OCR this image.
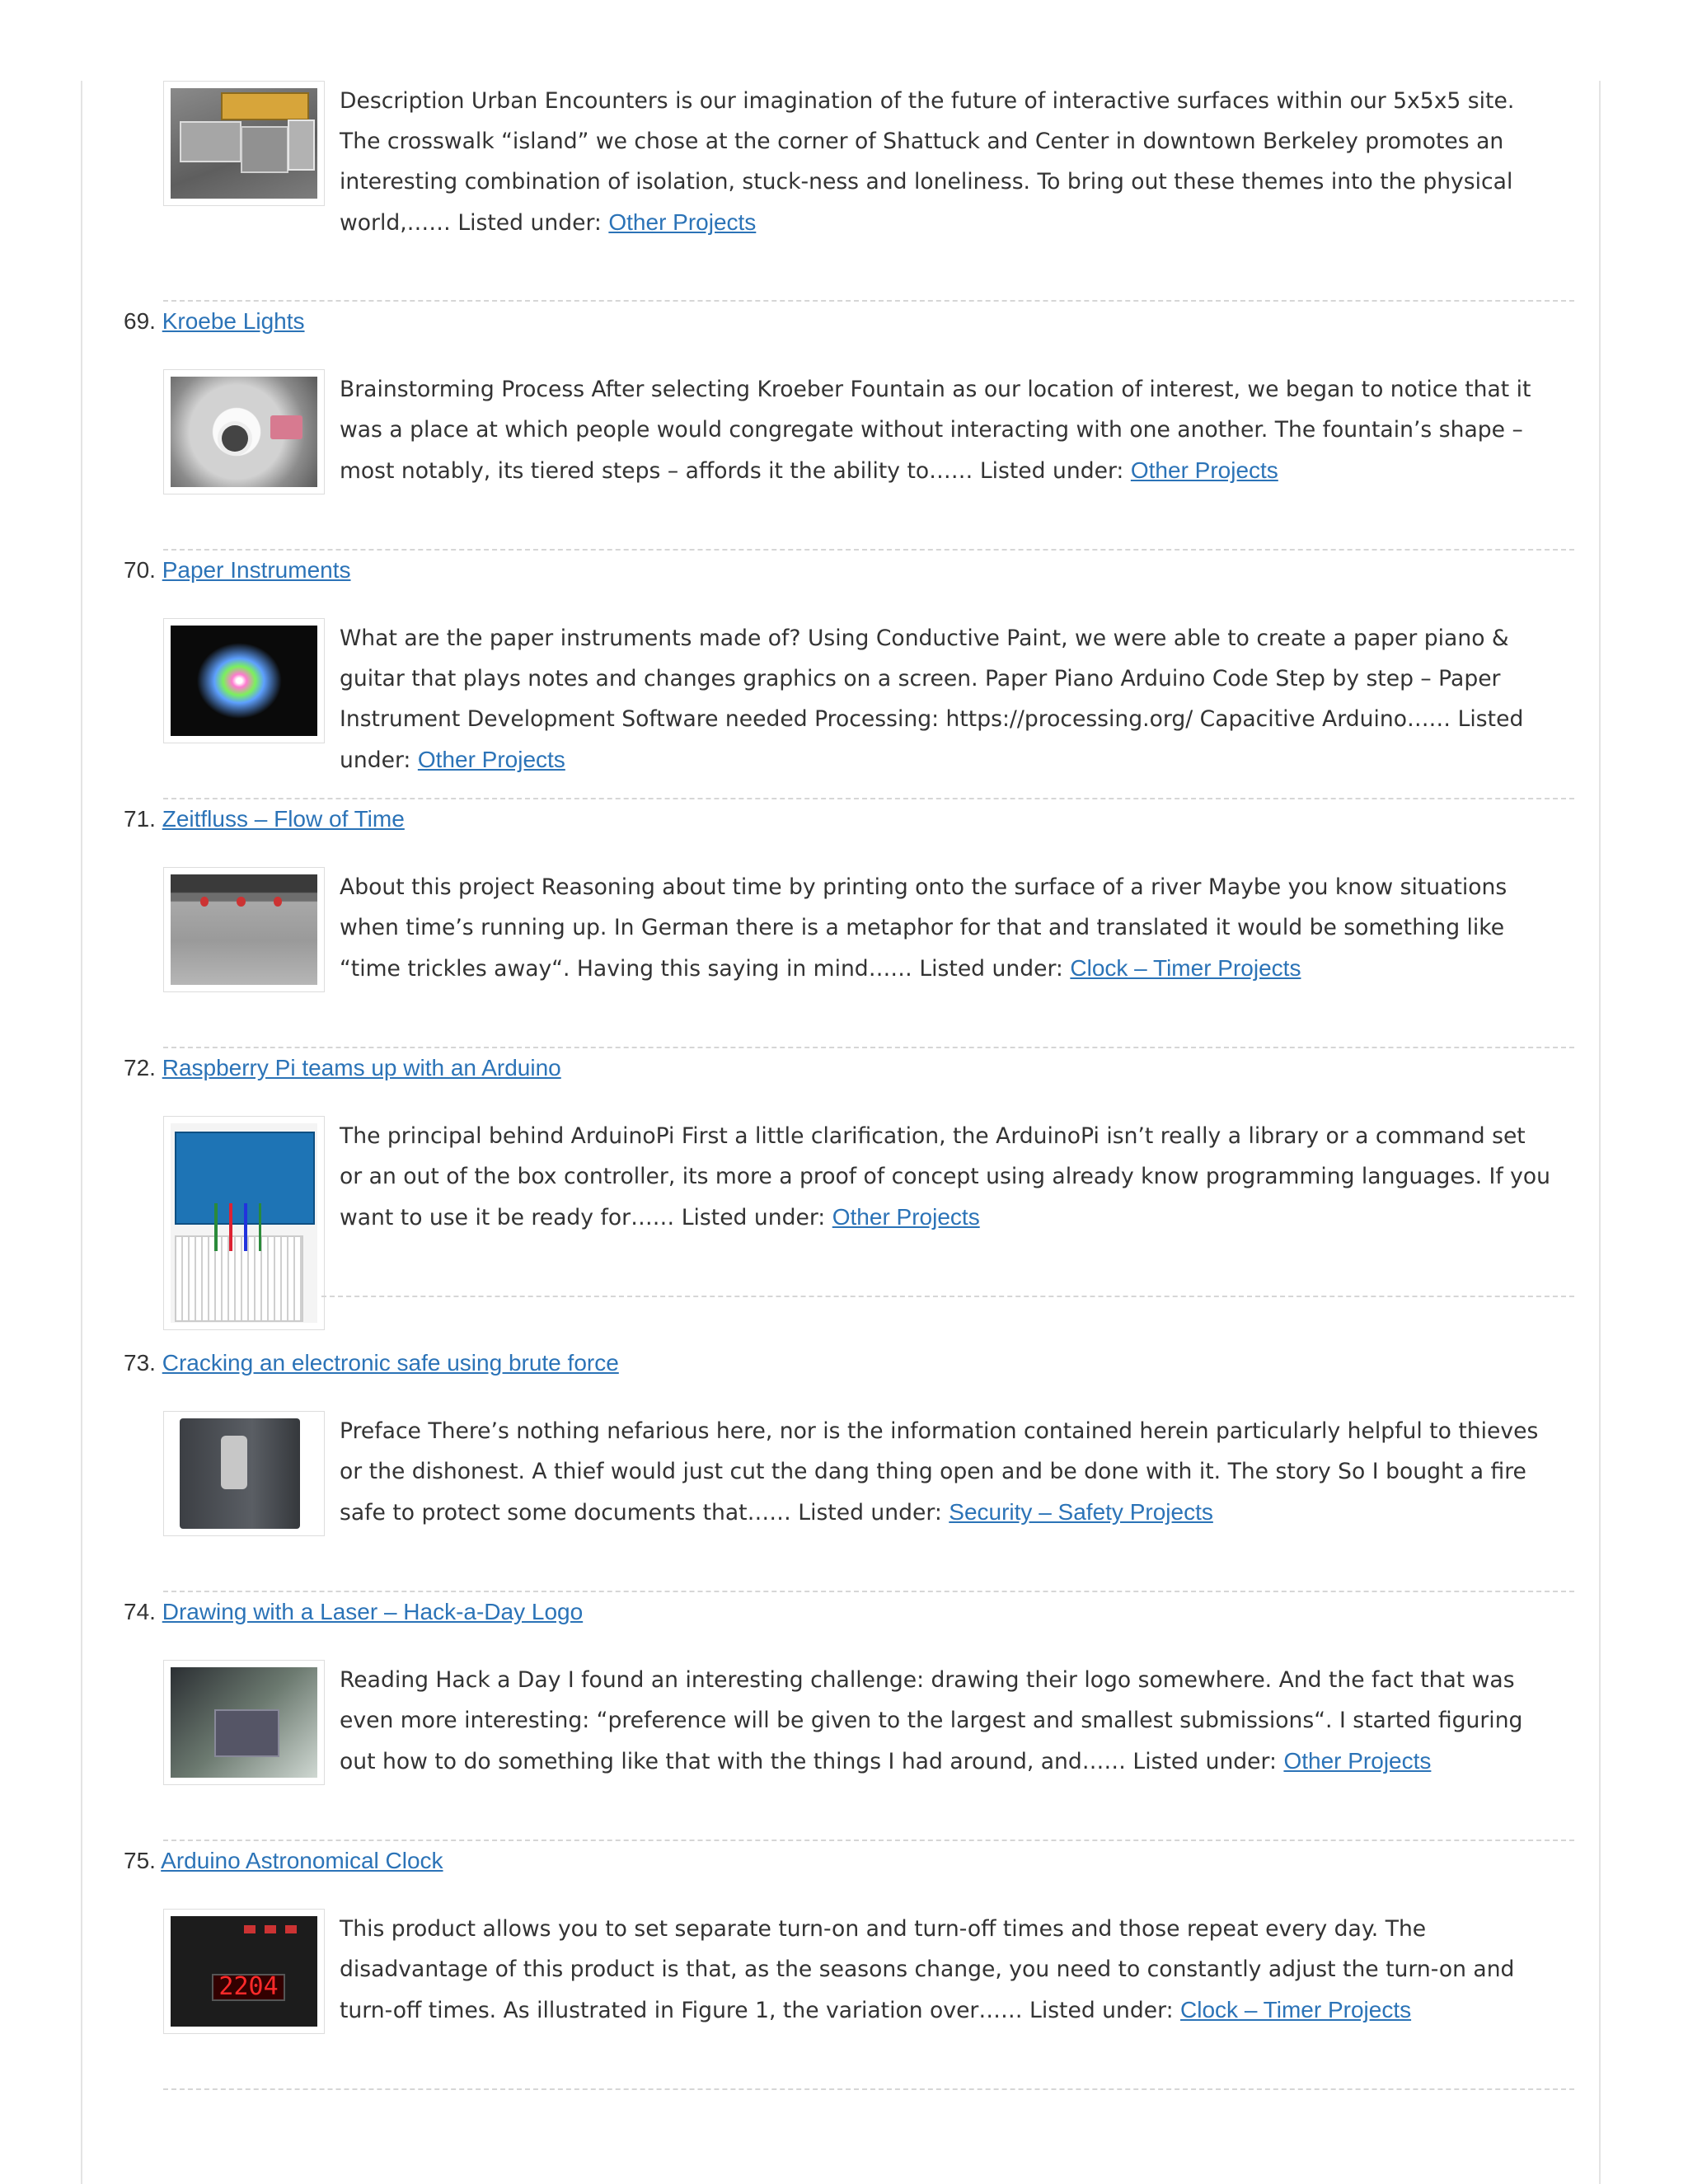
Description Urban Encounters is our imagination of the future of interactive surfaces within our 5x5x5 site. The crosswalk “island” we chose at the corner of Shattuck and Center in downtown Berkeley promotes an interesting combination of isolation, stuck-ness and loneliness. To bring out these themes into the physical world,…… Listed under: Other Projects
69. Kroebe Lights
Brainstorming Process After selecting Kroeber Fountain as our location of interest, we began to notice that it was a place at which people would congregate without interacting with one another. The fountain’s shape – most notably, its tiered steps – affords it the ability to…… Listed under: Other Projects
70. Paper Instruments
What are the paper instruments made of? Using Conductive Paint, we were able to create a paper piano & guitar that plays notes and changes graphics on a screen. Paper Piano Arduino Code Step by step – Paper Instrument Development Software needed Processing: https://processing.org/ Capacitive Arduino…… Listed under: Other Projects
71. Zeitfluss – Flow of Time
About this project Reasoning about time by printing onto the surface of a river Maybe you know situations when time’s running up. In German there is a metaphor for that and translated it would be something like “time trickles away“. Having this saying in mind…… Listed under: Clock – Timer Projects
72. Raspberry Pi teams up with an Arduino
The principal behind ArduinoPi First a little clarification, the ArduinoPi isn’t really a library or a command set or an out of the box controller, its more a proof of concept using already know programming languages. If you want to use it be ready for…… Listed under: Other Projects
73. Cracking an electronic safe using brute force
Preface There’s nothing nefarious here, nor is the information contained herein particularly helpful to thieves or the dishonest. A thief would just cut the dang thing open and be done with it. The story So I bought a fire safe to protect some documents that…… Listed under: Security – Safety Projects
74. Drawing with a Laser – Hack-a-Day Logo
Reading Hack a Day I found an interesting challenge: drawing their logo somewhere. And the fact that was even more interesting: “preference will be given to the largest and smallest submissions“. I started figuring out how to do something like that with the things I had around, and…… Listed under: Other Projects
75. Arduino Astronomical Clock
2204
This product allows you to set separate turn-on and turn-off times and those repeat every day. The disadvantage of this product is that, as the seasons change, you need to constantly adjust the turn-on and turn-off times. As illustrated in Figure 1, the variation over…… Listed under: Clock – Timer Projects
